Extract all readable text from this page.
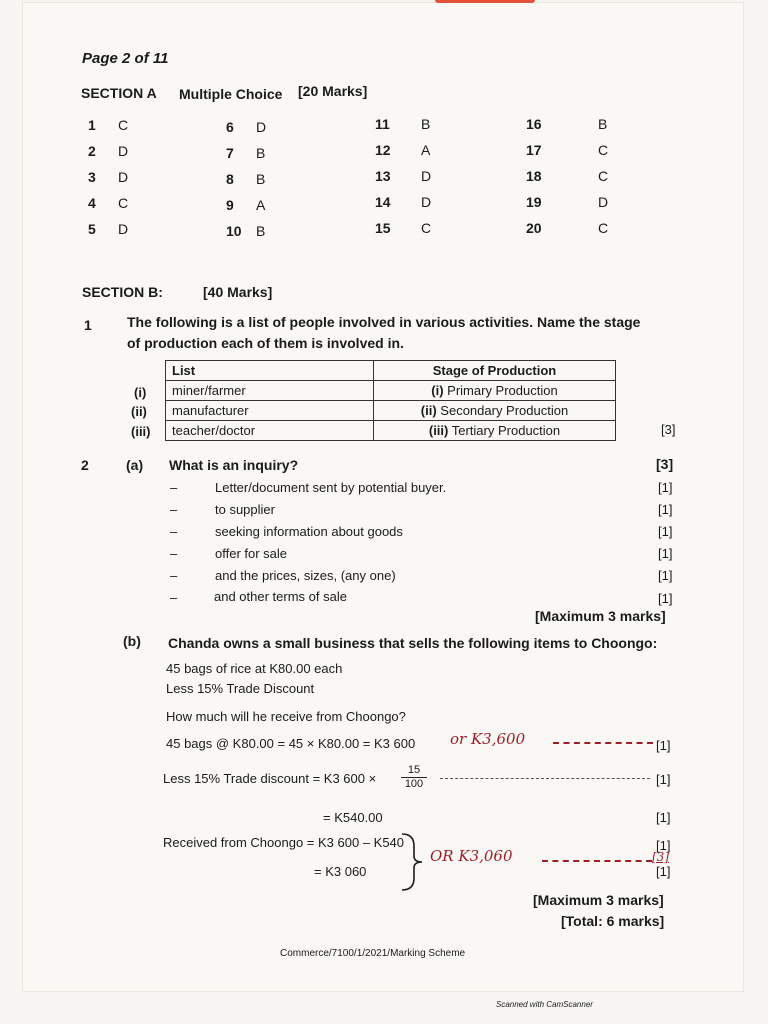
Page 2 of 11
SECTION A Multiple Choice [20 Marks]
1 C
2 D
3 D
4 C
5 D
6 D
7 B
8 B
9 A
10 B
11 B
12 A
13 D
14 D
15 C
16	B
17	C
18	C
19	D
20	C
SECTION B:	[40 Marks]
1	The following is a list of people involved in various activities. Name the stage
of production each of them is involved in.
(i)
(ii)
(iii)
List	Stage of Production
miner/farmer	(i) Primary Production
manufacturer	(ii) Secondary Production
teacher/doctor	(iii) Tertiary Production	[3]
2	(a) What is an inquiry?	[3]
–	Letter/document sent by potential buyer.	[1]
–	to supplier	[1]
–	seeking information about goods	[1]
–	offer for sale	[1]
–	and the prices, sizes, (any one)	[1]
–	and other terms of sale	[1]
[Maximum 3 marks]
(b) Chanda owns a small business that sells the following items to Choongo:
45 bags of rice at K80.00 each
Less 15% Trade Discount
How much will he receive from Choongo?
45 bags @ K80.00 = 45 × K80.00 = K3 600 or K3,600	[1]
Less 15% Trade discount = K3 $600 \times \frac{15}{100}$	[1]
= K540.00	[1]
Received from Choongo = K3 600 – K540	[1]
OR K3,060	[3]
= K3 060	[1]
[Maximum 3 marks]
[Total: 6 marks]
Commerce/7100/1/2021/Marking Scheme
Scanned with CamScanner
